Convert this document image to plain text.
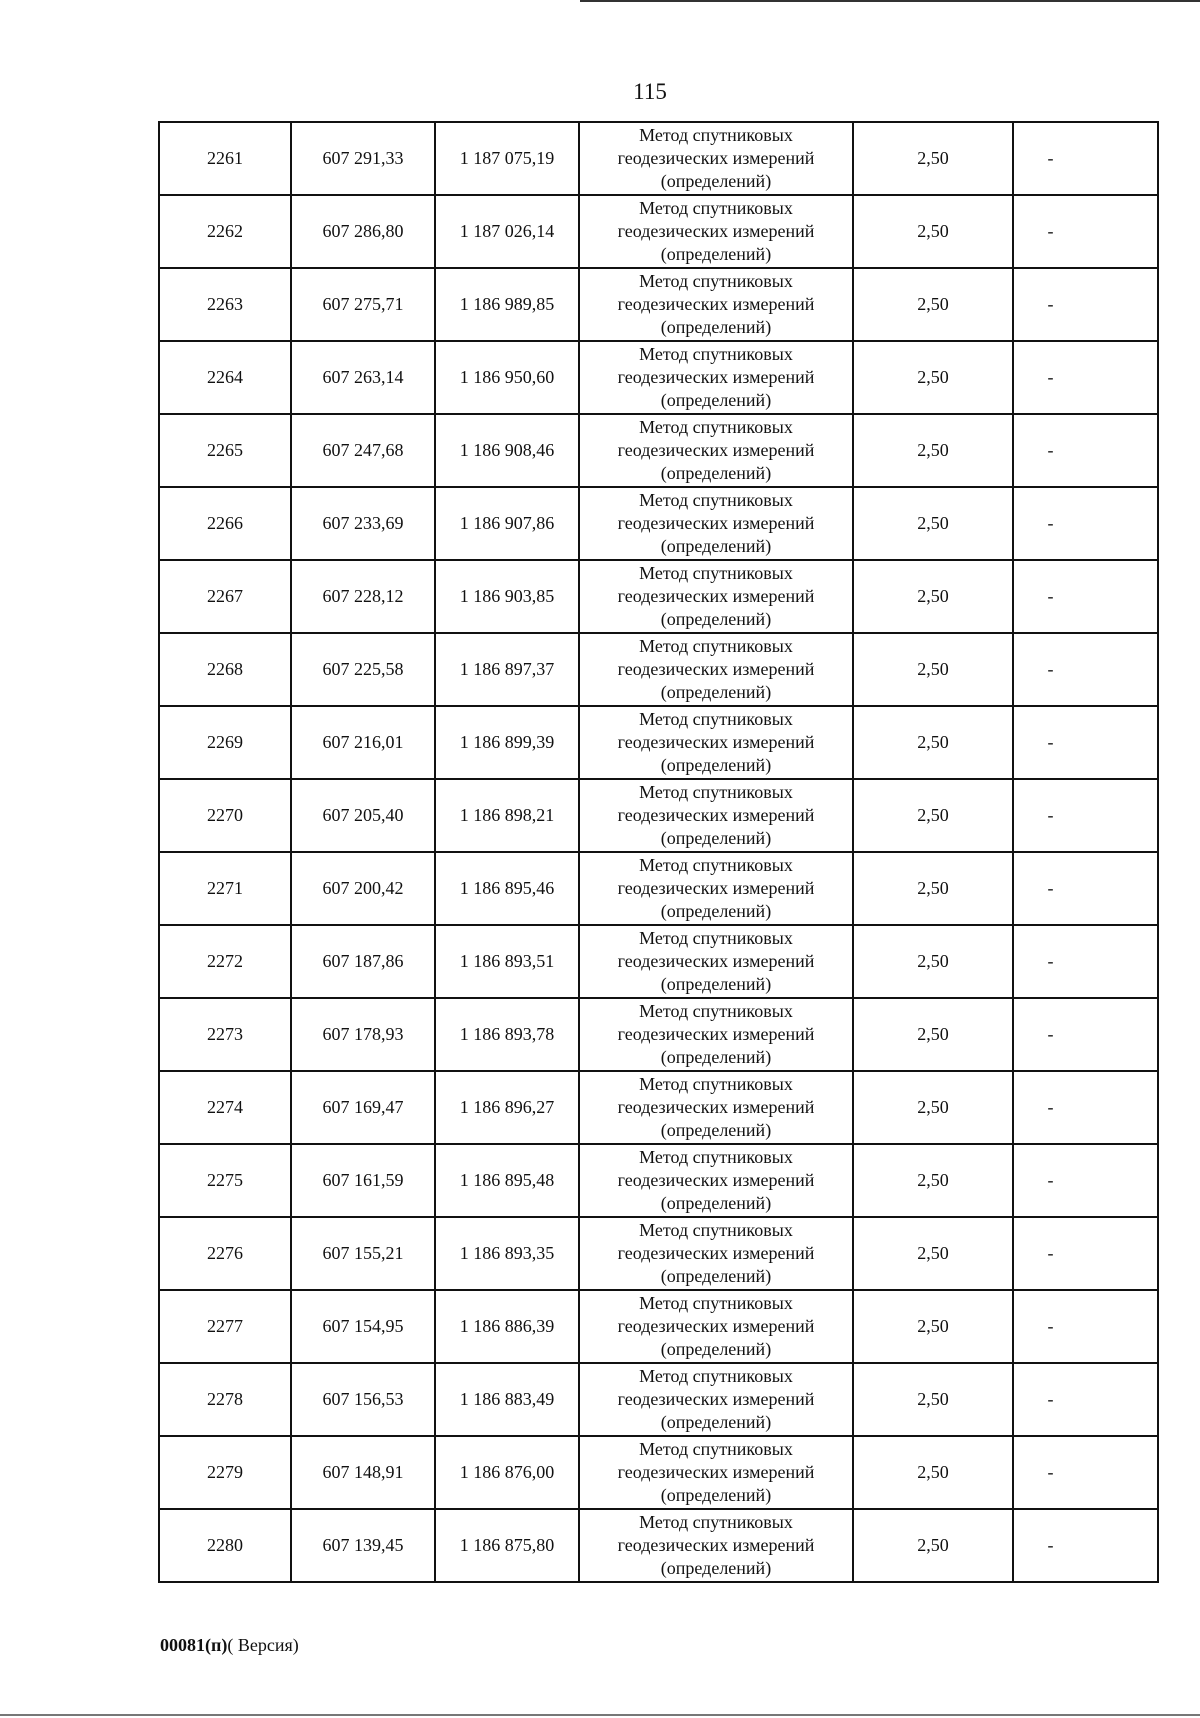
115
2261	607 291,33	1 187 075,19	Метод спутниковых
геодезических измерений
(определений)	2,50	-
2262	607 286,80	1 187 026,14	Метод спутниковых
геодезических измерений
(определений)	2,50	-
2263	607 275,71	1 186 989,85	Метод спутниковых
геодезических измерений
(определений)	2,50	-
2264	607 263,14	1 186 950,60	Метод спутниковых
геодезических измерений
(определений)	2,50	-
2265	607 247,68	1 186 908,46	Метод спутниковых
геодезических измерений
(определений)	2,50	-
2266	607 233,69	1 186 907,86	Метод спутниковых
геодезических измерений
(определений)	2,50	-
2267	607 228,12	1 186 903,85	Метод спутниковых
геодезических измерений
(определений)	2,50	-
2268	607 225,58	1 186 897,37	Метод спутниковых
геодезических измерений
(определений)	2,50	-
2269	607 216,01	1 186 899,39	Метод спутниковых
геодезических измерений
(определений)	2,50	-
2270	607 205,40	1 186 898,21	Метод спутниковых
геодезических измерений
(определений)	2,50	-
2271	607 200,42	1 186 895,46	Метод спутниковых
геодезических измерений
(определений)	2,50	-
2272	607 187,86	1 186 893,51	Метод спутниковых
геодезических измерений
(определений)	2,50	-
2273	607 178,93	1 186 893,78	Метод спутниковых
геодезических измерений
(определений)	2,50	-
2274	607 169,47	1 186 896,27	Метод спутниковых
геодезических измерений
(определений)	2,50	-
2275	607 161,59	1 186 895,48	Метод спутниковых
геодезических измерений
(определений)	2,50	-
2276	607 155,21	1 186 893,35	Метод спутниковых
геодезических измерений
(определений)	2,50	-
2277	607 154,95	1 186 886,39	Метод спутниковых
геодезических измерений
(определений)	2,50	-
2278	607 156,53	1 186 883,49	Метод спутниковых
геодезических измерений
(определений)	2,50	-
2279	607 148,91	1 186 876,00	Метод спутниковых
геодезических измерений
(определений)	2,50	-
2280	607 139,45	1 186 875,80	Метод спутниковых
геодезических измерений
(определений)	2,50	-
00081(п)( Версия)
